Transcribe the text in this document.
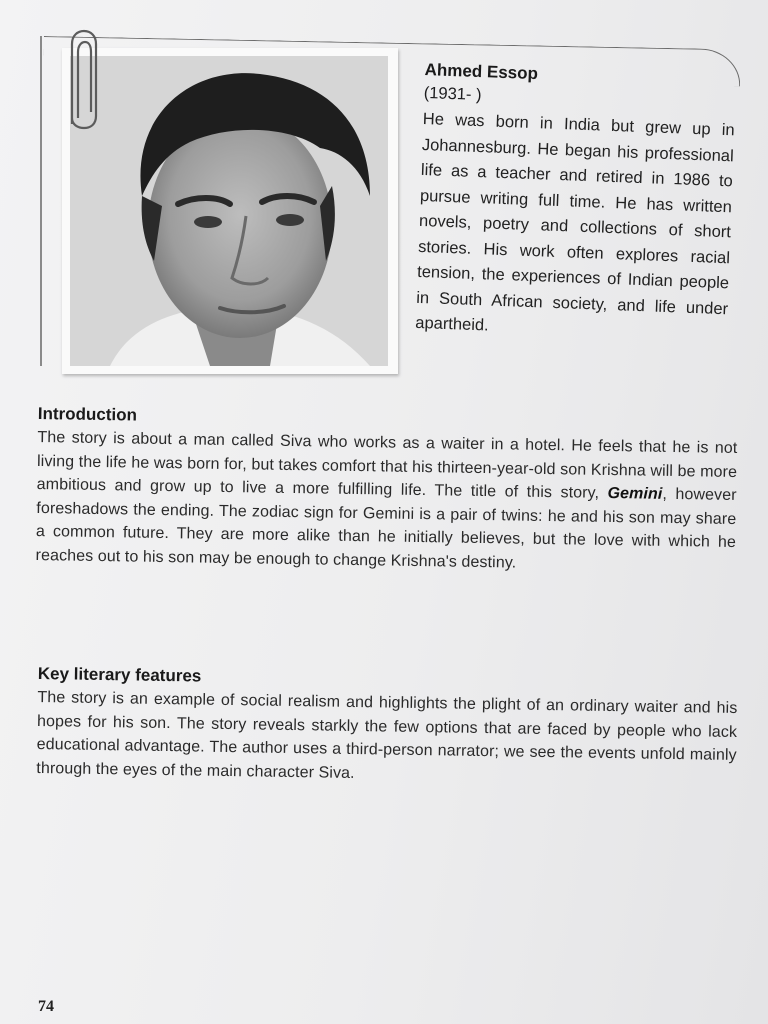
Ahmed Essop

(1931- )

He was born in India but grew up in Johannesburg. He began his professional life as a teacher and retired in 1986 to pursue writing full time. He has written novels, poetry and collections of short stories. His work often explores racial tension, the experiences of Indian people in South African society, and life under apartheid.

Introduction

The story is about a man called Siva who works as a waiter in a hotel. He feels that he is not living the life he was born for, but takes comfort that his thirteen-year-old son Krishna will be more ambitious and grow up to live a more fulfilling life. The title of this story, Gemini, however foreshadows the ending. The zodiac sign for Gemini is a pair of twins: he and his son may share a common future. They are more alike than he initially believes, but the love with which he reaches out to his son may be enough to change Krishna's destiny.

Key literary features

The story is an example of social realism and highlights the plight of an ordinary waiter and his hopes for his son. The story reveals starkly the few options that are faced by people who lack educational advantage. The author uses a third-person narrator; we see the events unfold mainly through the eyes of the main character Siva.

74
